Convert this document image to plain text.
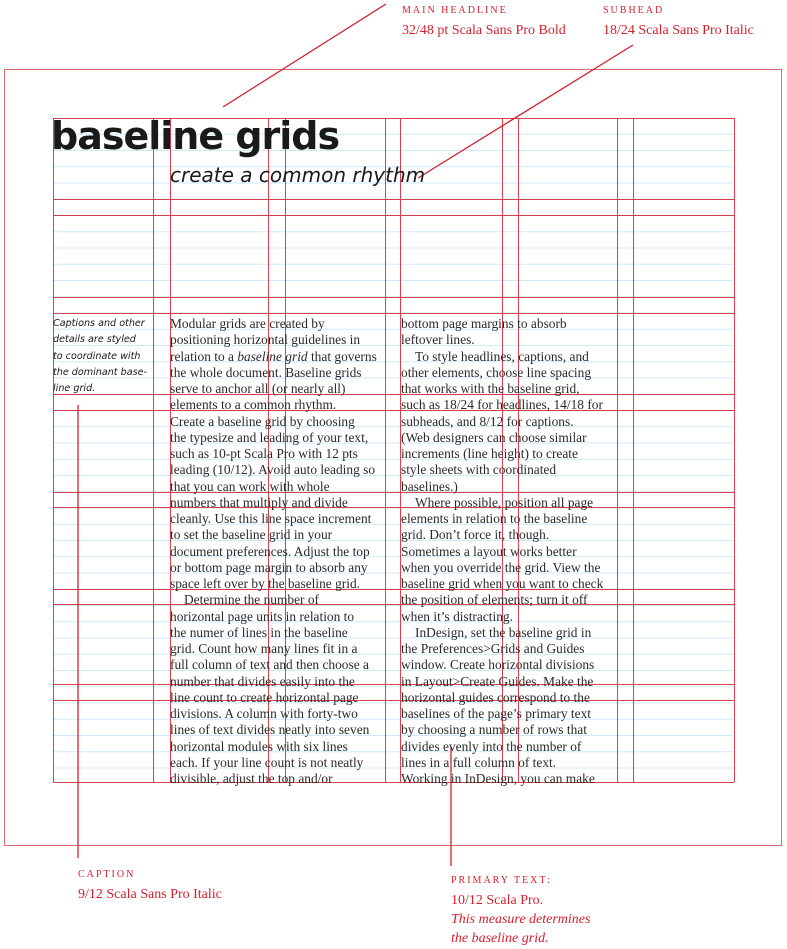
MAIN HEADLINE
32/48 pt Scala Sans Pro Bold
SUBHEAD
18/24 Scala Sans Pro Italic
CAPTION
9/12 Scala Sans Pro Italic
PRIMARY TEXT:
10/12 Scala Pro.
This measure determines
the baseline grid.
baseline grids
create a common rhythm
Captions and other
details are styled
to coordinate with
the dominant base-
line grid.
Modular grids are created by
positioning horizontal guidelines in
relation to a baseline grid that governs
the whole document. Baseline grids
serve to anchor all (or nearly all)
elements to a common rhythm.
Create a baseline grid by choosing
the typesize and leading of your text,
such as 10-pt Scala Pro with 12 pts
leading (10/12). Avoid auto leading so
that you can work with whole
numbers that multiply and divide
cleanly. Use this line space increment
to set the baseline grid in your
document preferences. Adjust the top
or bottom page margin to absorb any
space left over by the baseline grid.
Determine the number of
horizontal page units in relation to
the numer of lines in the baseline
grid. Count how many lines fit in a
full column of text and then choose a
number that divides easily into the
line count to create horizontal page
divisions. A column with forty-two
lines of text divides neatly into seven
horizontal modules with six lines
each. If your line count is not neatly
divisible, adjust the top and/or
bottom page margins to absorb
leftover lines.
To style headlines, captions, and
other elements, choose line spacing
that works with the baseline grid,
such as 18/24 for headlines, 14/18 for
subheads, and 8/12 for captions.
(Web designers can choose similar
increments (line height) to create
style sheets with coordinated
baselines.)
Where possible, position all page
elements in relation to the baseline
grid. Don’t force it, though.
Sometimes a layout works better
when you override the grid. View the
baseline grid when you want to check
the position of elements; turn it off
when it’s distracting.
InDesign, set the baseline grid in
the Preferences>Grids and Guides
window. Create horizontal divisions
in Layout>Create Guides. Make the
horizontal guides correspond to the
baselines of the page’s primary text
by choosing a number of rows that
divides evenly into the number of
lines in a full column of text.
Working in InDesign, you can make
